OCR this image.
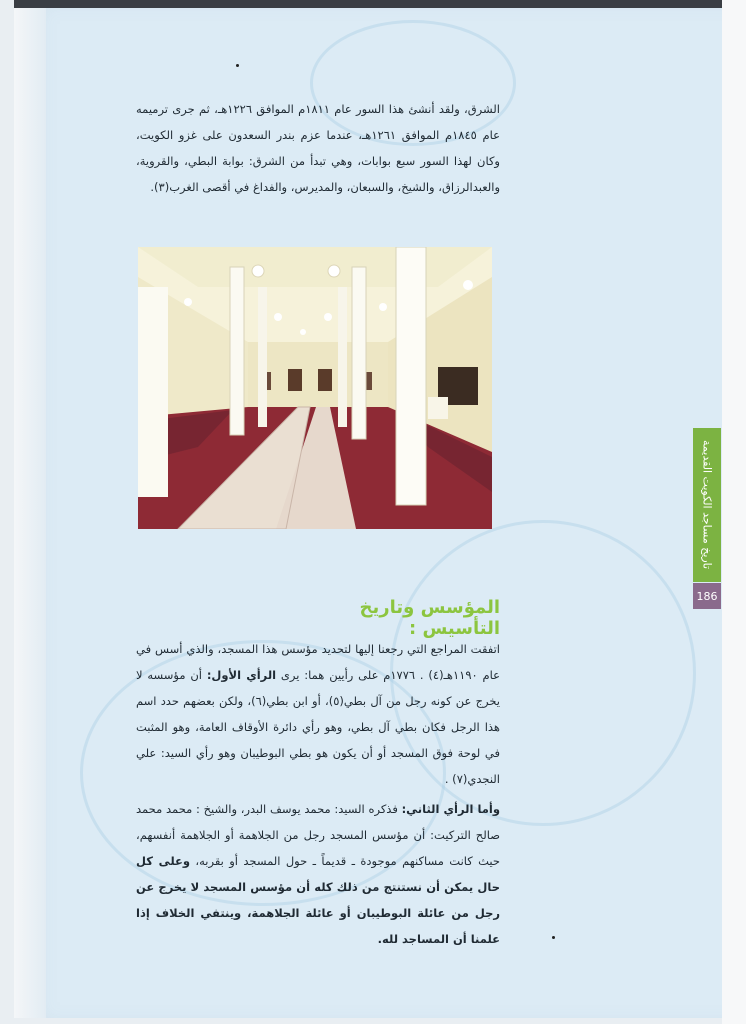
الشرق، ولقد أنشئ هذا السور عام ١٨١١م الموافق ١٢٢٦هـ، ثم جرى ترميمه عام ١٨٤٥م الموافق ١٢٦١هـ، عندما عزم بندر السعدون على غزو الكويت، وكان لهذا السور سبع بوابات، وهي تبدأ من الشرق: بوابة البطي، والقروية، والعبدالرزاق، والشيخ، والسبعان، والمديرس، والفداغ في أقصى الغرب(٣).

المؤسس وتاريخ التأسيس :

اتفقت المراجع التي رجعنا إليها لتحديد مؤسس هذا المسجد، والذي أسس في عام ١١٩٠هـ(٤) . ١٧٧٦م على رأيين هما: يرى الرأي الأول: أن مؤسسه لا يخرج عن كونه رجل من آل بطي(٥)، أو ابن بطي(٦)، ولكن بعضهم حدد اسم هذا الرجل فكان بطي آل بطي، وهو رأي دائرة الأوقاف العامة، وهو المثبت في لوحة فوق المسجد أو أن يكون هو بطي البوطيبان وهو رأي السيد: علي النجدي(٧) .

وأما الرأي الثاني: فذكره السيد: محمد يوسف البدر، والشيخ : محمد محمد صالح التركيت: أن مؤسس المسجد رجل من الجلاهمة أو الجلاهمة أنفسهم، حيث كانت مساكنهم موجودة ـ قديماً ـ حول المسجد أو بقربه، وعلى كل حال يمكن أن نستنتج من ذلك كله أن مؤسس المسجد لا يخرج عن رجل من عائلة البوطيبان أو عائلة الجلاهمة، وينتفي الخلاف إذا علمنا أن المساجد لله.

تاريخ مساجد الكويت القديمة
186
